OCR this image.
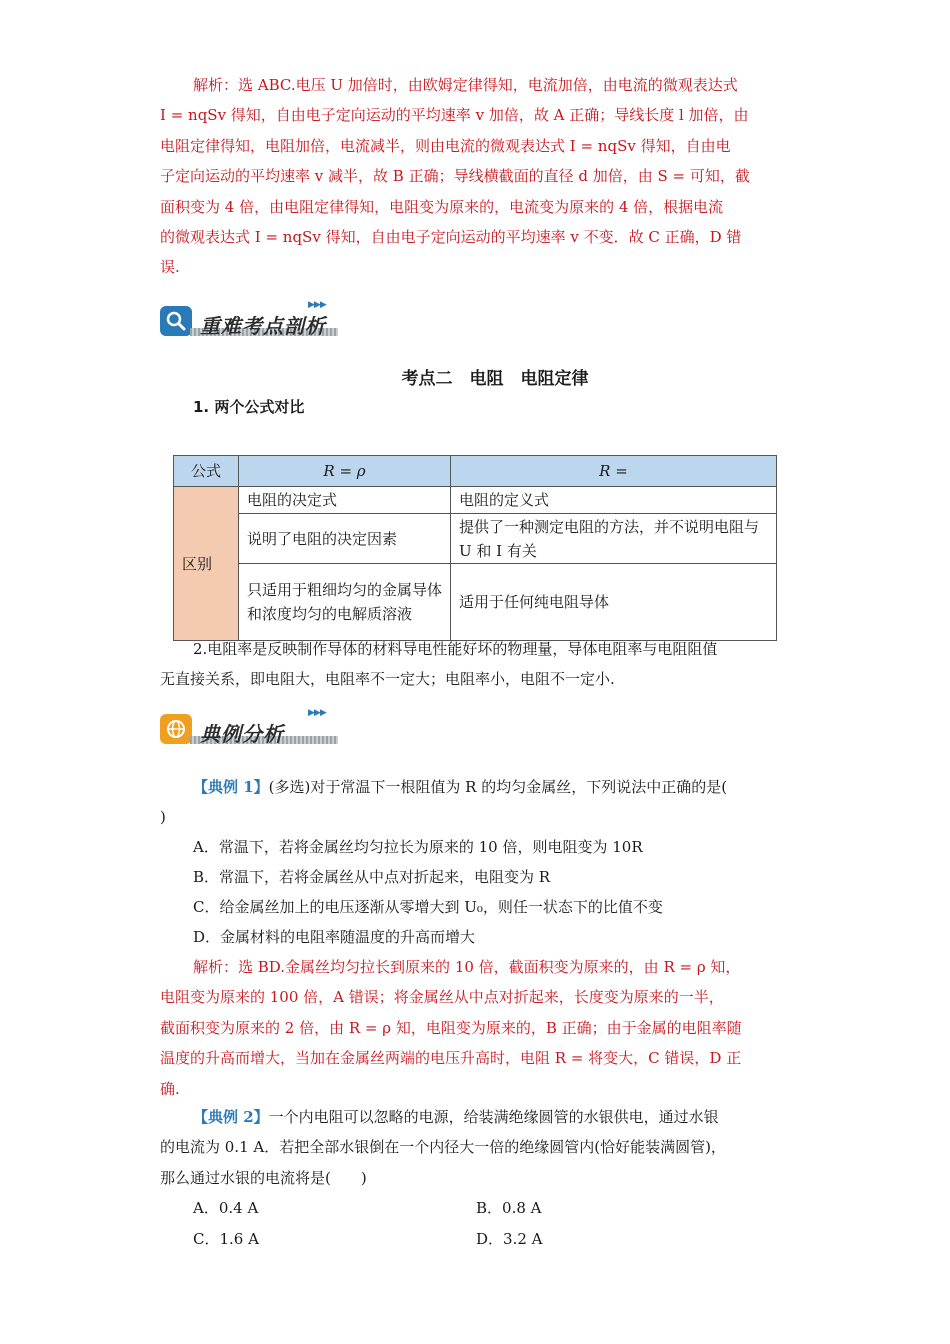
解析：选 ABC.电压 U 加倍时，由欧姆定律得知，电流加倍，由电流的微观表达式
I = nqSv 得知，自由电子定向运动的平均速率 v 加倍，故 A 正确；导线长度 l 加倍，由
电阻定律得知，电阻加倍，电流减半，则由电流的微观表达式 I = nqSv 得知，自由电
子定向运动的平均速率 v 减半，故 B 正确；导线横截面的直径 d 加倍，由 S = 可知，截
面积变为 4 倍，由电阻定律得知，电阻变为原来的，电流变为原来的 4 倍，根据电流
的微观表达式 I = nqSv 得知，自由电子定向运动的平均速率 v 不变．故 C 正确，D 错
误.
重难考点剖析
▶▶▶
考点二　电阻　电阻定律
1. 两个公式对比
公式	R = ρ	R =
区别	电阻的决定式	电阻的定义式
	说明了电阻的决定因素	提供了一种测定电阻的方法，并不说明电阻与 U 和 I 有关
	只适用于粗细均匀的金属导体和浓度均匀的电解质溶液	适用于任何纯电阻导体
2.电阻率是反映制作导体的材料导电性能好坏的物理量，导体电阻率与电阻阻值
无直接关系，即电阻大，电阻率不一定大；电阻率小，电阻不一定小.
典例分析
▶▶▶
【典例 1】(多选)对于常温下一根阻值为 R 的均匀金属丝，下列说法中正确的是(
)
A．常温下，若将金属丝均匀拉长为原来的 10 倍，则电阻变为 10R
B．常温下，若将金属丝从中点对折起来，电阻变为 R
C．给金属丝加上的电压逐渐从零增大到 U₀，则任一状态下的比值不变
D．金属材料的电阻率随温度的升高而增大
解析：选 BD.金属丝均匀拉长到原来的 10 倍，截面积变为原来的，由 R = ρ 知，
电阻变为原来的 100 倍，A 错误；将金属丝从中点对折起来，长度变为原来的一半，
截面积变为原来的 2 倍，由 R = ρ 知，电阻变为原来的，B 正确；由于金属的电阻率随
温度的升高而增大，当加在金属丝两端的电压升高时，电阻 R = 将变大，C 错误，D 正
确.
【典例 2】一个内电阻可以忽略的电源，给装满绝缘圆管的水银供电，通过水银
的电流为 0.1 A．若把全部水银倒在一个内径大一倍的绝缘圆管内(恰好能装满圆管)，
那么通过水银的电流将是(　　)
A．0.4 A	B．0.8 A
C．1.6 A	D．3.2 A
